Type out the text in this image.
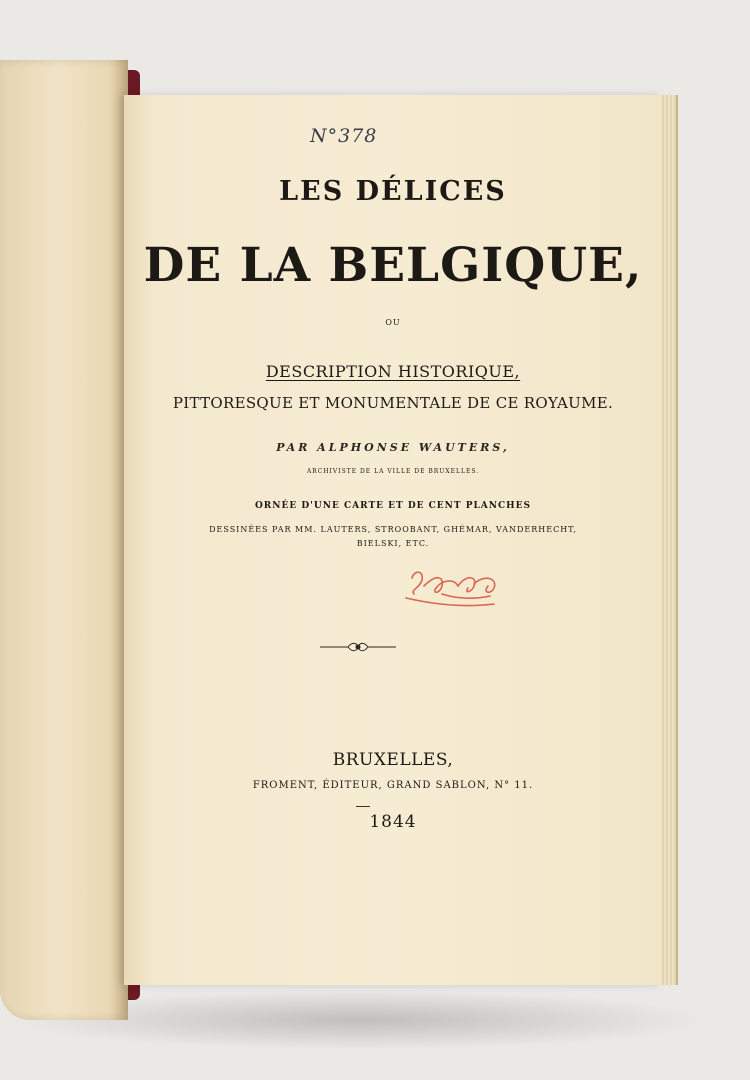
N°378
LES DÉLICES
DE LA BELGIQUE,
OU
DESCRIPTION HISTORIQUE,
PITTORESQUE ET MONUMENTALE DE CE ROYAUME.
PAR ALPHONSE WAUTERS,
ARCHIVISTE DE LA VILLE DE BRUXELLES.
ORNÉE D'UNE CARTE ET DE CENT PLANCHES
DESSINÉES PAR MM. LAUTERS, STROOBANT, GHÉMAR, VANDERHECHT,
BIELSKI, ETC.
BRUXELLES,
FROMENT, ÉDITEUR, GRAND SABLON, N° 11.
1844
